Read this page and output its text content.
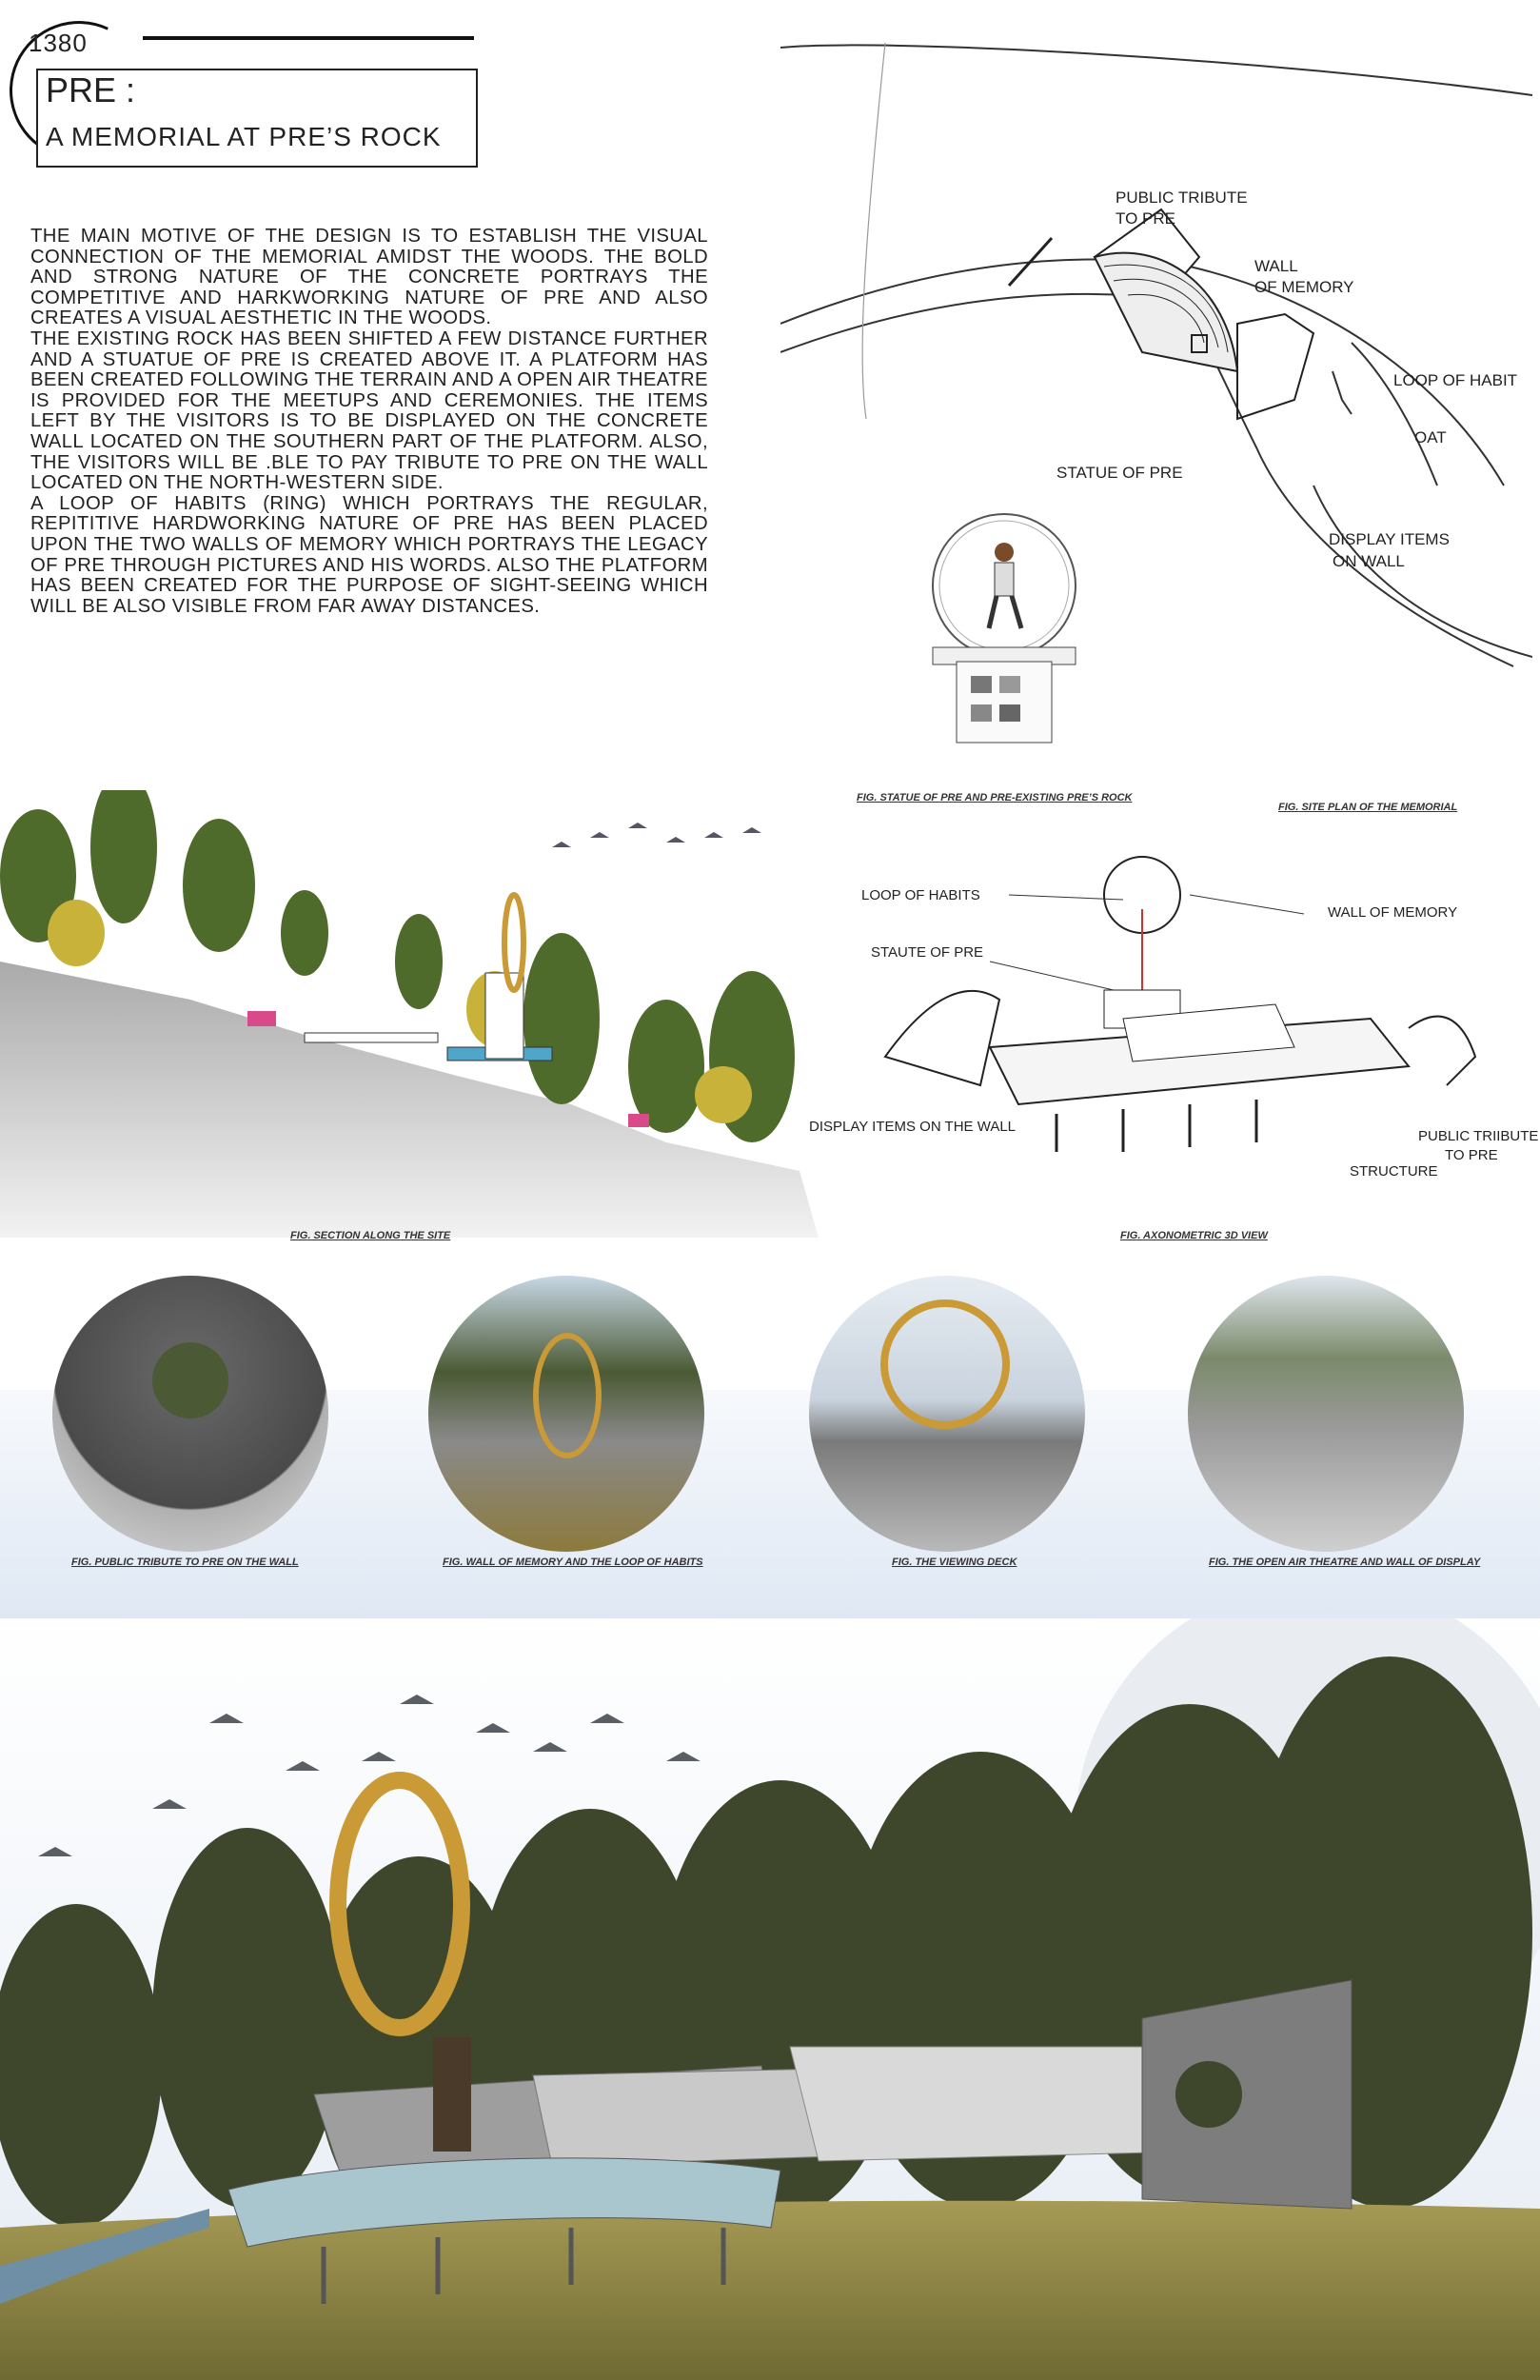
1380
PRE :
A MEMORIAL AT PRE’S ROCK

THE MAIN MOTIVE OF THE DESIGN IS TO ESTABLISH THE VISUAL CONNECTION OF THE MEMORIAL AMIDST THE WOODS. THE BOLD AND STRONG NATURE OF THE CONCRETE PORTRAYS THE COMPETITIVE AND HARKWORKING NATURE OF PRE AND ALSO CREATES A VISUAL AESTHETIC IN THE WOODS.

THE EXISTING ROCK HAS BEEN SHIFTED A FEW DISTANCE FURTHER AND A STUATUE OF PRE IS CREATED ABOVE IT. A PLATFORM HAS BEEN CREATED FOLLOWING THE TERRAIN AND A OPEN AIR THEATRE IS PROVIDED FOR THE MEETUPS AND CEREMONIES. THE ITEMS LEFT BY THE VISITORS IS TO BE DISPLAYED ON THE CONCRETE WALL LOCATED ON THE SOUTHERN PART OF THE PLATFORM. ALSO, THE VISITORS WILL BE .BLE TO PAY TRIBUTE TO PRE ON THE WALL LOCATED ON THE NORTH-WESTERN SIDE.

A LOOP OF HABITS (RING) WHICH PORTRAYS THE REGULAR, REPITITIVE HARDWORKING NATURE OF PRE HAS BEEN PLACED UPON THE TWO WALLS OF MEMORY WHICH PORTRAYS THE LEGACY OF PRE THROUGH PICTURES AND HIS WORDS. ALSO THE PLATFORM HAS BEEN CREATED FOR THE PURPOSE OF SIGHT-SEEING WHICH WILL BE ALSO VISIBLE FROM FAR AWAY DISTANCES.

PUBLIC TRIBUTE
TO PRE
WALL
OF MEMORY
LOOP OF HABIT
OAT
STATUE OF PRE
DISPLAY ITEMS
ON WALL
FIG. STATUE OF PRE AND PRE-EXISTING PRE’S ROCK
FIG. SITE PLAN OF THE MEMORIAL
FIG. SECTION ALONG THE SITE
LOOP OF HABITS
WALL OF MEMORY
STAUTE OF PRE
DISPLAY ITEMS ON THE WALL
PUBLIC TRIIBUTE
TO PRE
STRUCTURE
FIG. AXONOMETRIC 3D VIEW
FIG. PUBLIC TRIBUTE TO PRE ON THE WALL	FIG. WALL OF MEMORY AND THE LOOP OF HABITS	FIG. THE VIEWING DECK	FIG. THE OPEN AIR THEATRE AND WALL OF DISPLAY
